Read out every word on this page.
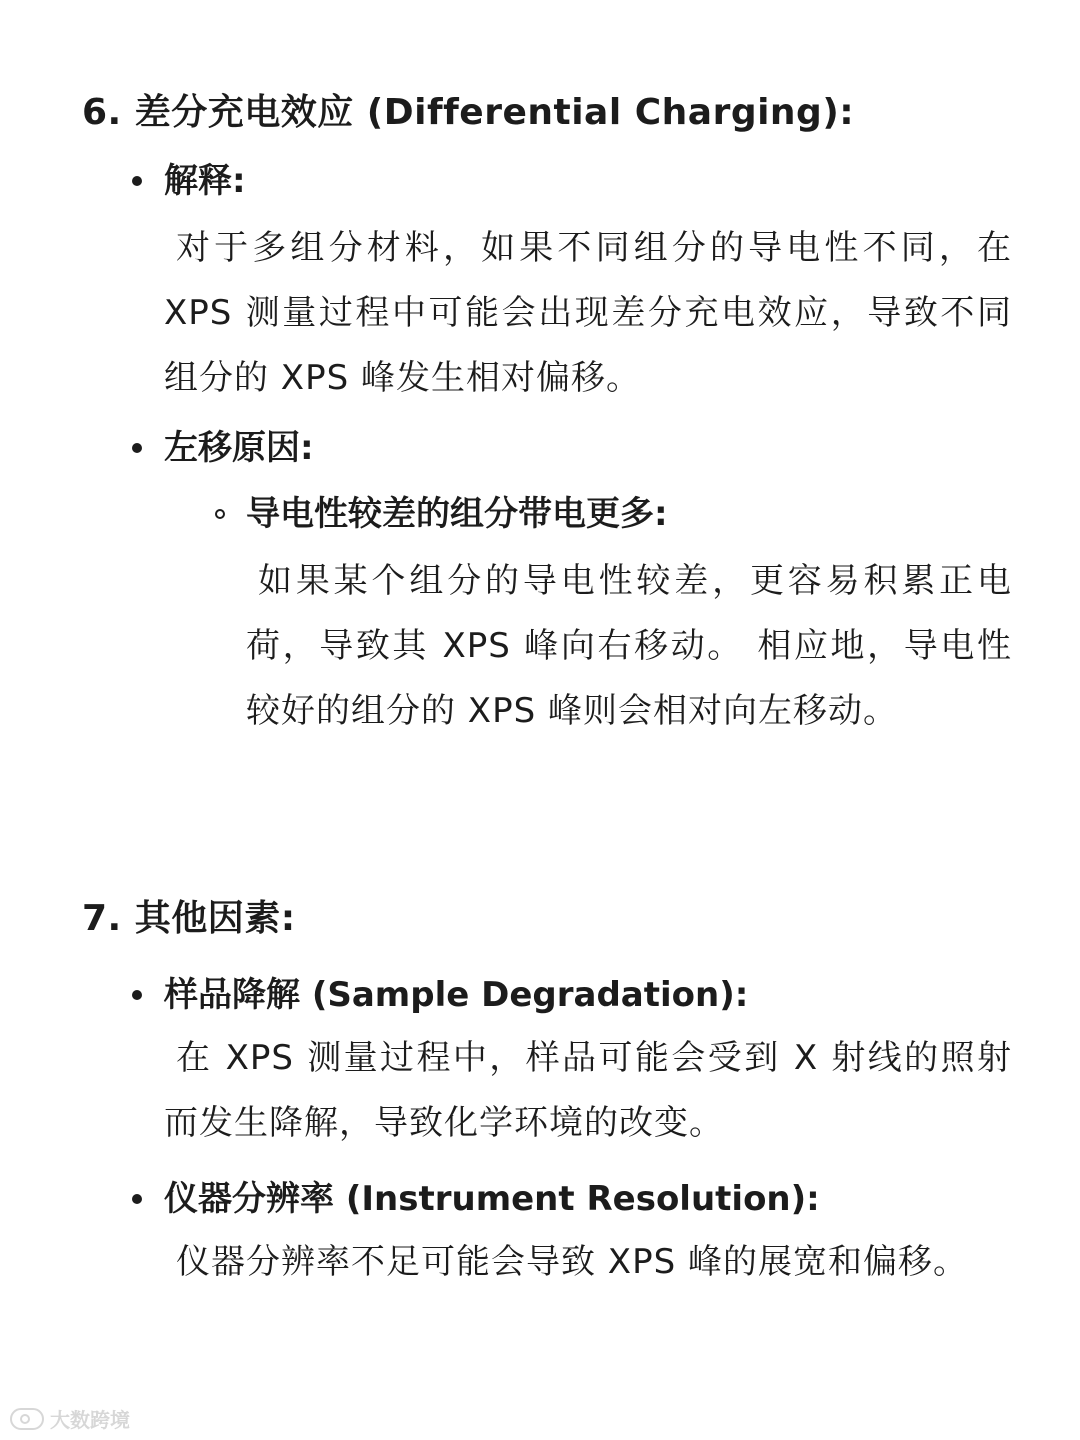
6. 差分充电效应 (Differential Charging):
解释:
对于多组分材料，如果不同组分的导电性不同，在 XPS 测量过程中可能会出现差分充电效应，导致不同组分的 XPS 峰发生相对偏移。
左移原因:
导电性较差的组分带电更多:
如果某个组分的导电性较差，更容易积累正电荷，导致其 XPS 峰向右移动。 相应地，导电性较好的组分的 XPS 峰则会相对向左移动。
7. 其他因素:
样品降解 (Sample Degradation):
在 XPS 测量过程中，样品可能会受到 X 射线的照射而发生降解，导致化学环境的改变。
仪器分辨率 (Instrument Resolution):
仪器分辨率不足可能会导致 XPS 峰的展宽和偏移。
大数跨境
